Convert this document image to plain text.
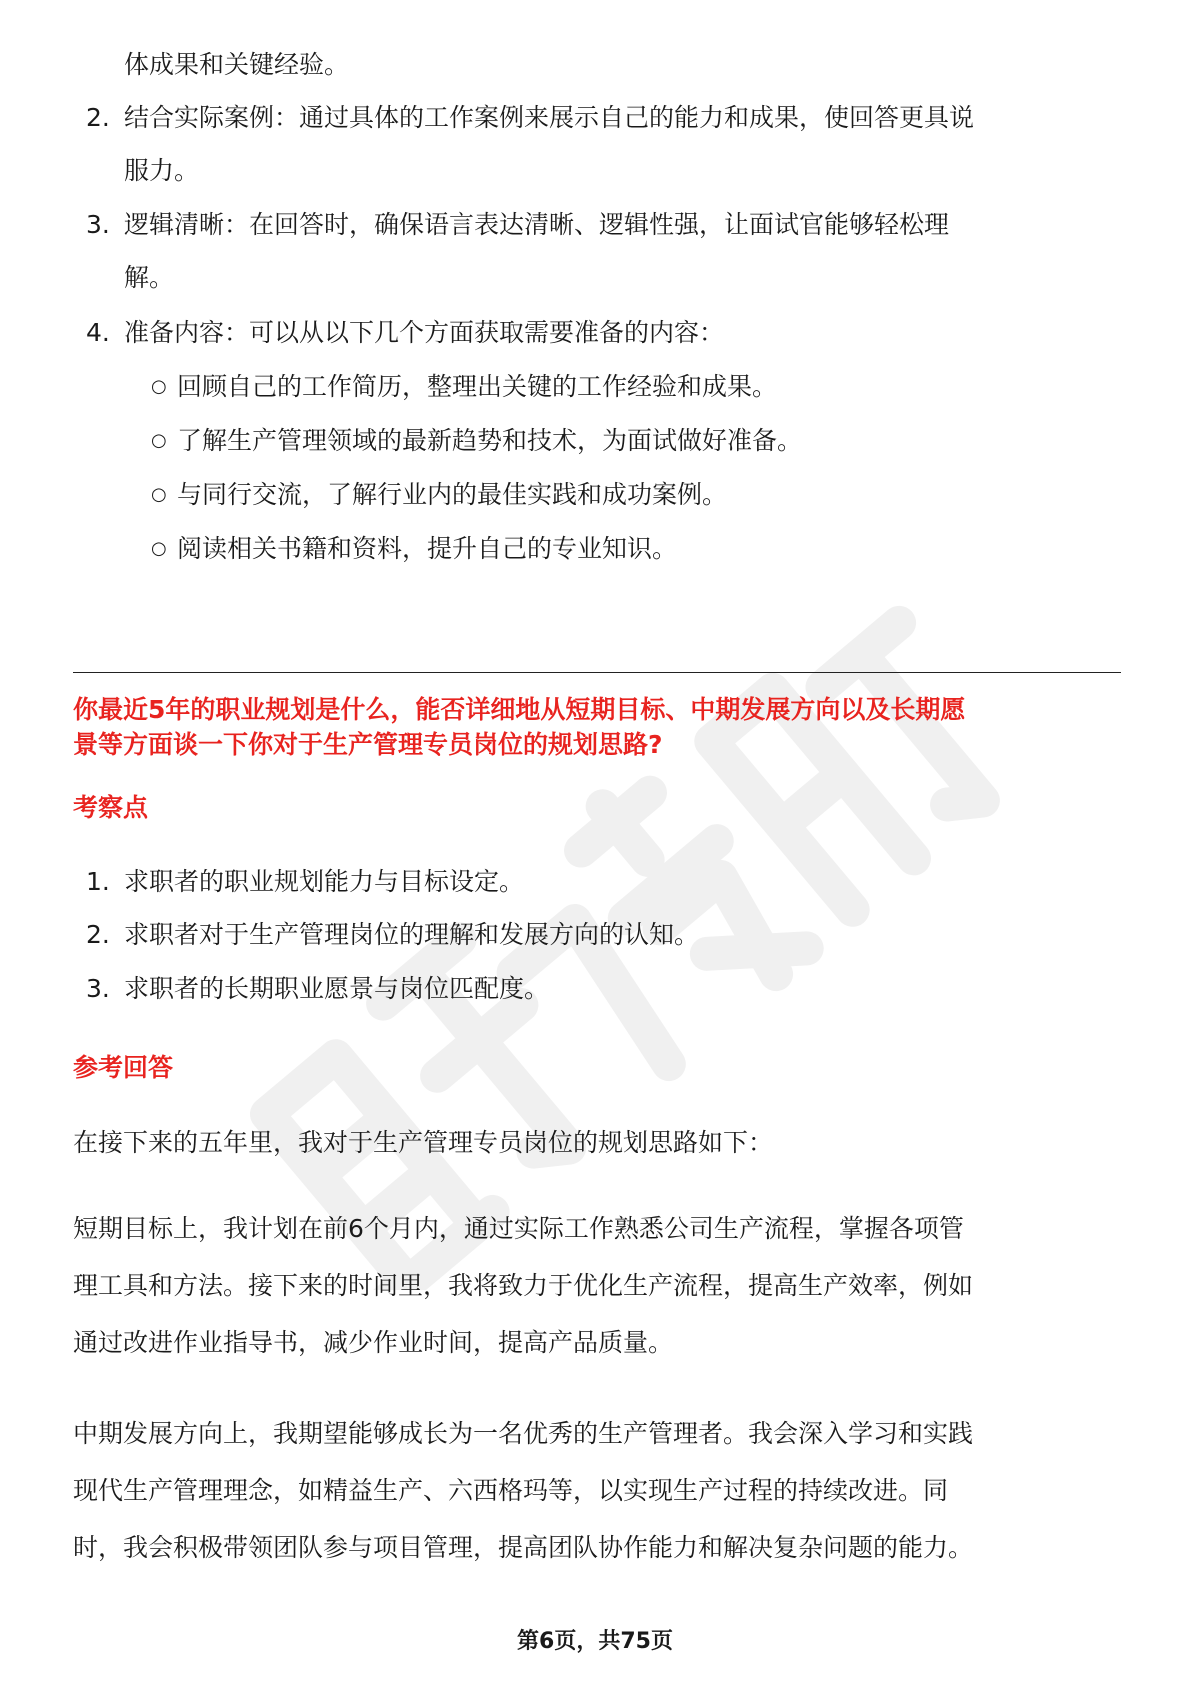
体成果和关键经验。
2. 结合实际案例：通过具体的工作案例来展示自己的能力和成果，使回答更具说
服力。
3. 逻辑清晰：在回答时，确保语言表达清晰、逻辑性强，让面试官能够轻松理
解。
4. 准备内容：可以从以下几个方面获取需要准备的内容：
○ 回顾自己的工作简历，整理出关键的工作经验和成果。
○ 了解生产管理领域的最新趋势和技术，为面试做好准备。
○ 与同行交流，了解行业内的最佳实践和成功案例。
○ 阅读相关书籍和资料，提升自己的专业知识。
你最近5年的职业规划是什么，能否详细地从短期目标、中期发展方向以及长期愿
景等方面谈一下你对于生产管理专员岗位的规划思路?
考察点
1. 求职者的职业规划能力与目标设定。
2. 求职者对于生产管理岗位的理解和发展方向的认知。
3. 求职者的长期职业愿景与岗位匹配度。
参考回答
在接下来的五年里，我对于生产管理专员岗位的规划思路如下：
短期目标上，我计划在前6个月内，通过实际工作熟悉公司生产流程，掌握各项管
理工具和方法。接下来的时间里，我将致力于优化生产流程，提高生产效率，例如
通过改进作业指导书，减少作业时间，提高产品质量。
中期发展方向上，我期望能够成长为一名优秀的生产管理者。我会深入学习和实践
现代生产管理理念，如精益生产、六西格玛等，以实现生产过程的持续改进。同
时，我会积极带领团队参与项目管理，提高团队协作能力和解决复杂问题的能力。
第6页，共75页
